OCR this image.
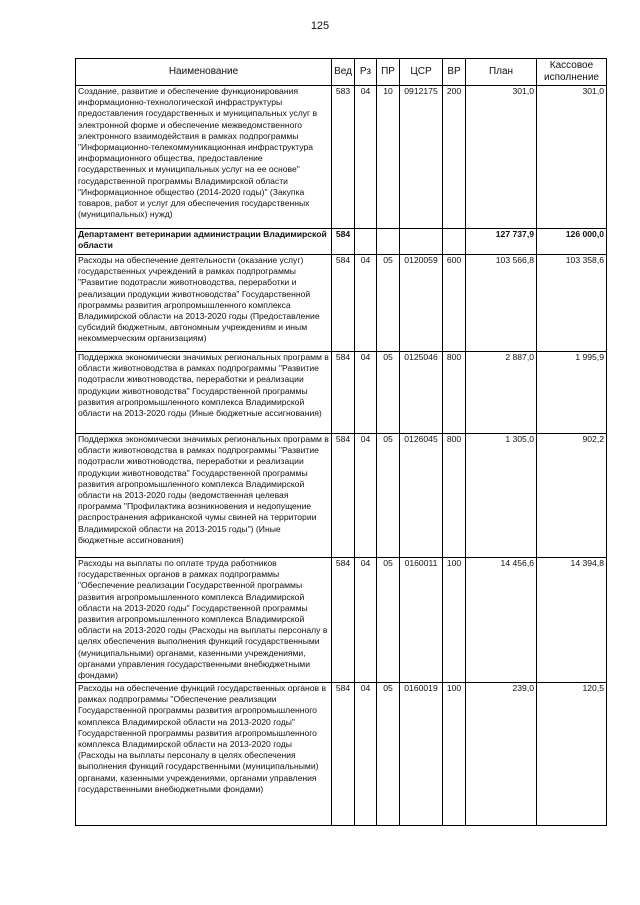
125
Наименование	Вед	Рз	ПР	ЦСР	ВР	План	Кассовое исполнение
Создание, развитие и обеспечение функционирования информационно-технологической инфраструктуры предоставления государственных и муниципальных услуг в электронной форме и обеспечение межведомственного электронного взаимодействия в рамках подпрограммы "Информационно-телекоммуникационная инфраструктура информационного общества, предоставление государственных и муниципальных услуг на ее основе" государственной программы Владимирской области "Информационное общество (2014-2020 годы)" (Закупка товаров, работ и услуг для обеспечения государственных (муниципальных) нужд)	583	04	10	0912175	200	301,0	301,0
Департамент ветеринарии администрации Владимирской области	584					127 737,9	126 000,0
Расходы на обеспечение деятельности (оказание услуг) государственных учреждений в рамках подпрограммы "Развитие подотрасли животноводства, переработки и реализации продукции животноводства" Государственной программы развития агропромышленного комплекса Владимирской области на 2013-2020 годы (Предоставление субсидий бюджетным, автономным учреждениям и иным некоммерческим организациям)	584	04	05	0120059	600	103 566,8	103 358,6
Поддержка экономически значимых региональных программ в области животноводства в рамках подпрограммы "Развитие подотрасли животноводства, переработки и реализации продукции животноводства" Государственной программы развития агропромышленного комплекса Владимирской области на 2013-2020 годы (Иные бюджетные ассигнования)	584	04	05	0125046	800	2 887,0	1 995,9
Поддержка экономически значимых региональных программ в области животноводства в рамках подпрограммы "Развитие подотрасли животноводства, переработки и реализации продукции животноводства" Государственной программы развития агропромышленного комплекса Владимирской области на 2013-2020 годы (ведомственная целевая программа "Профилактика возникновения и недопущение распространения африканской чумы свиней на территории Владимирской области на 2013-2015 годы") (Иные бюджетные ассигнования)	584	04	05	0126045	800	1 305,0	902,2
Расходы на выплаты по оплате труда работников государственных органов в рамках подпрограммы "Обеспечение реализации Государственной программы развития агропромышленного комплекса Владимирской области на 2013-2020 годы" Государственной программы развития агропромышленного комплекса Владимирской области на 2013-2020 годы (Расходы на выплаты персоналу в целях обеспечения выполнения функций государственными (муниципальными) органами, казенными учреждениями, органами управления государственными внебюджетными фондами)	584	04	05	0160011	100	14 456,6	14 394,8
Расходы на обеспечение функций государственных органов в рамках подпрограммы "Обеспечение реализации Государственной программы развития агропромышленного комплекса Владимирской области на 2013-2020 годы" Государственной программы развития агропромышленного комплекса Владимирской области на 2013-2020 годы (Расходы на выплаты персоналу в целях обеспечения выполнения функций государственными (муниципальными) органами, казенными учреждениями, органами управления государственными внебюджетными фондами)	584	04	05	0160019	100	239,0	120,5
